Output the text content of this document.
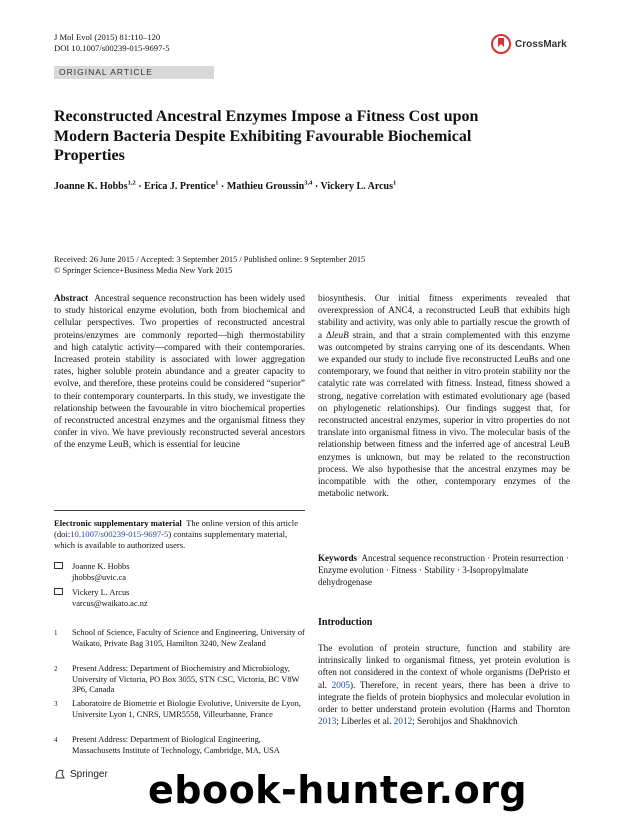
J Mol Evol (2015) 81:110–120
DOI 10.1007/s00239-015-9697-5	CrossMark
ORIGINAL ARTICLE
Reconstructed Ancestral Enzymes Impose a Fitness Cost upon Modern Bacteria Despite Exhibiting Favourable Biochemical Properties
Joanne K. Hobbs$^{1,2}$ · Erica J. Prentice$^1$ · Mathieu Groussin$^{3,4}$ · Vickery L. Arcus$^1$
Received: 26 June 2015 / Accepted: 3 September 2015 / Published online: 9 September 2015
© Springer Science+Business Media New York 2015
Abstract Ancestral sequence reconstruction has been widely used to study historical enzyme evolution, both from biochemical and cellular perspectives. Two properties of reconstructed ancestral proteins/enzymes are commonly reported—high thermostability and high catalytic activity—compared with their contemporaries. Increased protein stability is associated with lower aggregation rates, higher soluble protein abundance and a greater capacity to evolve, and therefore, these proteins could be considered “superior” to their contemporary counterparts. In this study, we investigate the relationship between the favourable in vitro biochemical properties of reconstructed ancestral enzymes and the organismal fitness they confer in vivo. We have previously reconstructed several ancestors of the enzyme LeuB, which is essential for leucine
biosynthesis. Our initial fitness experiments revealed that overexpression of ANC4, a reconstructed LeuB that exhibits high stability and activity, was only able to partially rescue the growth of a ΔleuB strain, and that a strain complemented with this enzyme was outcompeted by strains carrying one of its descendants. When we expanded our study to include five reconstructed LeuBs and one contemporary, we found that neither in vitro protein stability nor the catalytic rate was correlated with fitness. Instead, fitness showed a strong, negative correlation with estimated evolutionary age (based on phylogenetic relationships). Our findings suggest that, for reconstructed ancestral enzymes, superior in vitro properties do not translate into organismal fitness in vivo. The molecular basis of the relationship between fitness and the inferred age of ancestral LeuB enzymes is unknown, but may be related to the reconstruction process. We also hypothesise that the ancestral enzymes may be incompatible with the other, contemporary enzymes of the metabolic network.
Electronic supplementary material The online version of this article (doi:10.1007/s00239-015-9697-5) contains supplementary material, which is available to authorized users.
Joanne K. Hobbs
jhobbs@uvic.ca
Vickery L. Arcus
varcus@waikato.ac.nz
1 School of Science, Faculty of Science and Engineering, University of Waikato, Private Bag 3105, Hamilton 3240, New Zealand
2 Present Address: Department of Biochemistry and Microbiology, University of Victoria, PO Box 3055, STN CSC, Victoria, BC V8W 3P6, Canada
3 Laboratoire de Biometrie et Biologie Evolutive, Universite de Lyon, Universite Lyon 1, CNRS, UMR5558, Villeurbanne, France
4 Present Address: Department of Biological Engineering, Massachusetts Institute of Technology, Cambridge, MA, USA
Keywords Ancestral sequence reconstruction · Protein resurrection · Enzyme evolution · Fitness · Stability · 3-Isopropylmalate dehydrogenase
Introduction
The evolution of protein structure, function and stability are intrinsically linked to organismal fitness, yet protein evolution is often not considered in the context of whole organisms (DePristo et al. 2005). Therefore, in recent years, there has been a drive to integrate the fields of protein biophysics and molecular evolution in order to better understand protein evolution (Harms and Thornton 2013; Liberles et al. 2012; Serohijos and Shakhnovich
Springer ebook-hunter.org
